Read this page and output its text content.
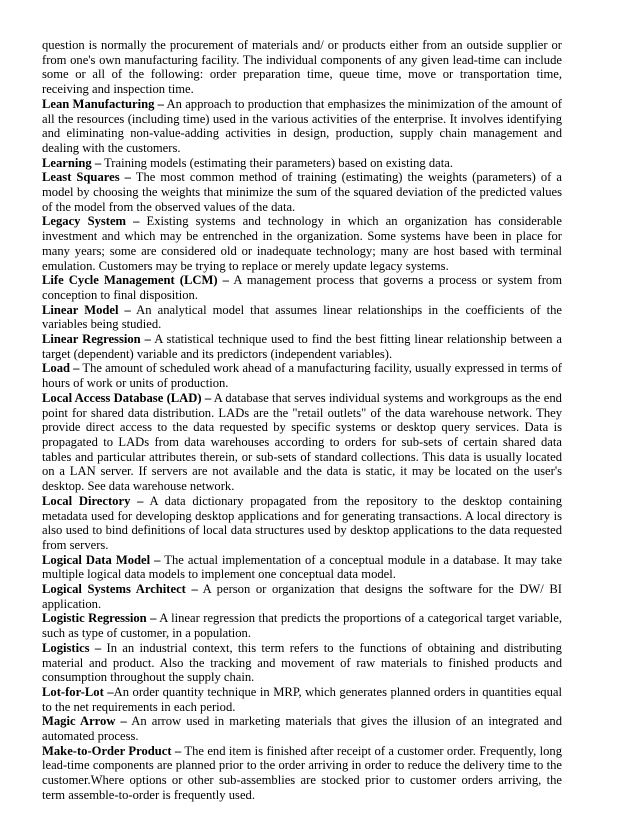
question is normally the procurement of materials and/ or products either from an outside supplier or from one's own manufacturing facility. The individual components of any given lead-time can include some or all of the following: order preparation time, queue time, move or transportation time, receiving and inspection time.

Lean Manufacturing – An approach to production that emphasizes the minimization of the amount of all the resources (including time) used in the various activities of the enterprise. It involves identifying and eliminating non-value-adding activities in design, production, supply chain management and dealing with the customers.

Learning – Training models (estimating their parameters) based on existing data.

Least Squares – The most common method of training (estimating) the weights (parameters) of a model by choosing the weights that minimize the sum of the squared deviation of the predicted values of the model from the observed values of the data.

Legacy System – Existing systems and technology in which an organization has considerable investment and which may be entrenched in the organization. Some systems have been in place for many years; some are considered old or inadequate technology; many are host based with terminal emulation. Customers may be trying to replace or merely update legacy systems.

Life Cycle Management (LCM) – A management process that governs a process or system from conception to final disposition.

Linear Model – An analytical model that assumes linear relationships in the coefficients of the variables being studied.

Linear Regression – A statistical technique used to find the best fitting linear relationship between a target (dependent) variable and its predictors (independent variables).

Load – The amount of scheduled work ahead of a manufacturing facility, usually expressed in terms of hours of work or units of production.

Local Access Database (LAD) – A database that serves individual systems and workgroups as the end point for shared data distribution. LADs are the "retail outlets" of the data warehouse network. They provide direct access to the data requested by specific systems or desktop query services. Data is propagated to LADs from data warehouses according to orders for sub-sets of certain shared data tables and particular attributes therein, or sub-sets of standard collections. This data is usually located on a LAN server. If servers are not available and the data is static, it may be located on the user's desktop. See data warehouse network.

Local Directory – A data dictionary propagated from the repository to the desktop containing metadata used for developing desktop applications and for generating transactions. A local directory is also used to bind definitions of local data structures used by desktop applications to the data requested from servers.

Logical Data Model – The actual implementation of a conceptual module in a database. It may take multiple logical data models to implement one conceptual data model.

Logical Systems Architect – A person or organization that designs the software for the DW/ BI application.

Logistic Regression – A linear regression that predicts the proportions of a categorical target variable, such as type of customer, in a population.

Logistics – In an industrial context, this term refers to the functions of obtaining and distributing material and product. Also the tracking and movement of raw materials to finished products and consumption throughout the supply chain.

Lot-for-Lot –An order quantity technique in MRP, which generates planned orders in quantities equal to the net requirements in each period.

Magic Arrow – An arrow used in marketing materials that gives the illusion of an integrated and automated process.

Make-to-Order Product – The end item is finished after receipt of a customer order. Frequently, long lead-time components are planned prior to the order arriving in order to reduce the delivery time to the customer.Where options or other sub-assemblies are stocked prior to customer orders arriving, the term assemble-to-order is frequently used.
